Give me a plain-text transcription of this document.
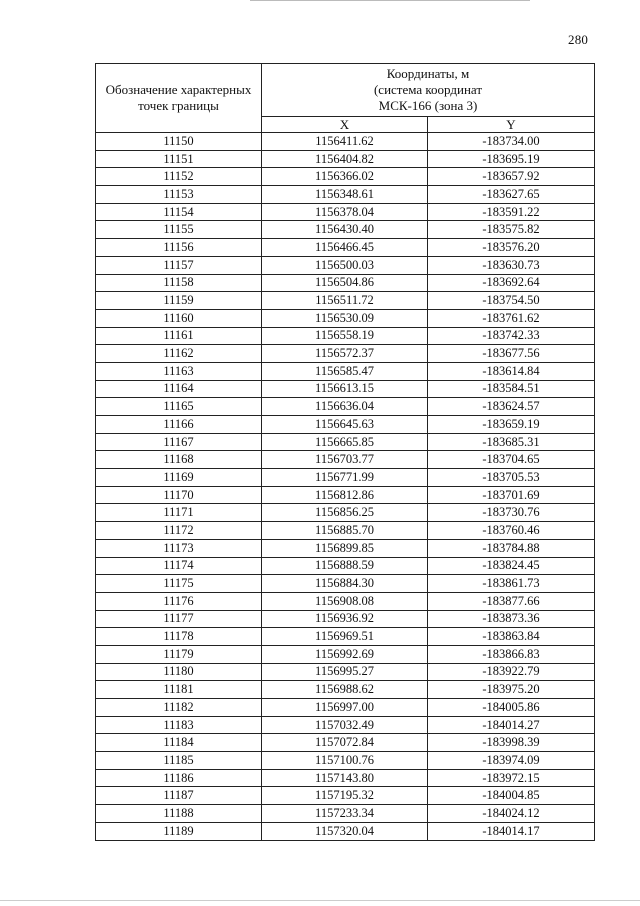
280
Обозначение характерных точек границы	Координаты, м
(система координат
МСК-166 (зона 3)	

	X	Y
11150	1156411.62	-183734.00
11151	1156404.82	-183695.19
11152	1156366.02	-183657.92
11153	1156348.61	-183627.65
11154	1156378.04	-183591.22
11155	1156430.40	-183575.82
11156	1156466.45	-183576.20
11157	1156500.03	-183630.73
11158	1156504.86	-183692.64
11159	1156511.72	-183754.50
11160	1156530.09	-183761.62
11161	1156558.19	-183742.33
11162	1156572.37	-183677.56
11163	1156585.47	-183614.84
11164	1156613.15	-183584.51
11165	1156636.04	-183624.57
11166	1156645.63	-183659.19
11167	1156665.85	-183685.31
11168	1156703.77	-183704.65
11169	1156771.99	-183705.53
11170	1156812.86	-183701.69
11171	1156856.25	-183730.76
11172	1156885.70	-183760.46
11173	1156899.85	-183784.88
11174	1156888.59	-183824.45
11175	1156884.30	-183861.73
11176	1156908.08	-183877.66
11177	1156936.92	-183873.36
11178	1156969.51	-183863.84
11179	1156992.69	-183866.83
11180	1156995.27	-183922.79
11181	1156988.62	-183975.20
11182	1156997.00	-184005.86
11183	1157032.49	-184014.27
11184	1157072.84	-183998.39
11185	1157100.76	-183974.09
11186	1157143.80	-183972.15
11187	1157195.32	-184004.85
11188	1157233.34	-184024.12
11189	1157320.04	-184014.17
